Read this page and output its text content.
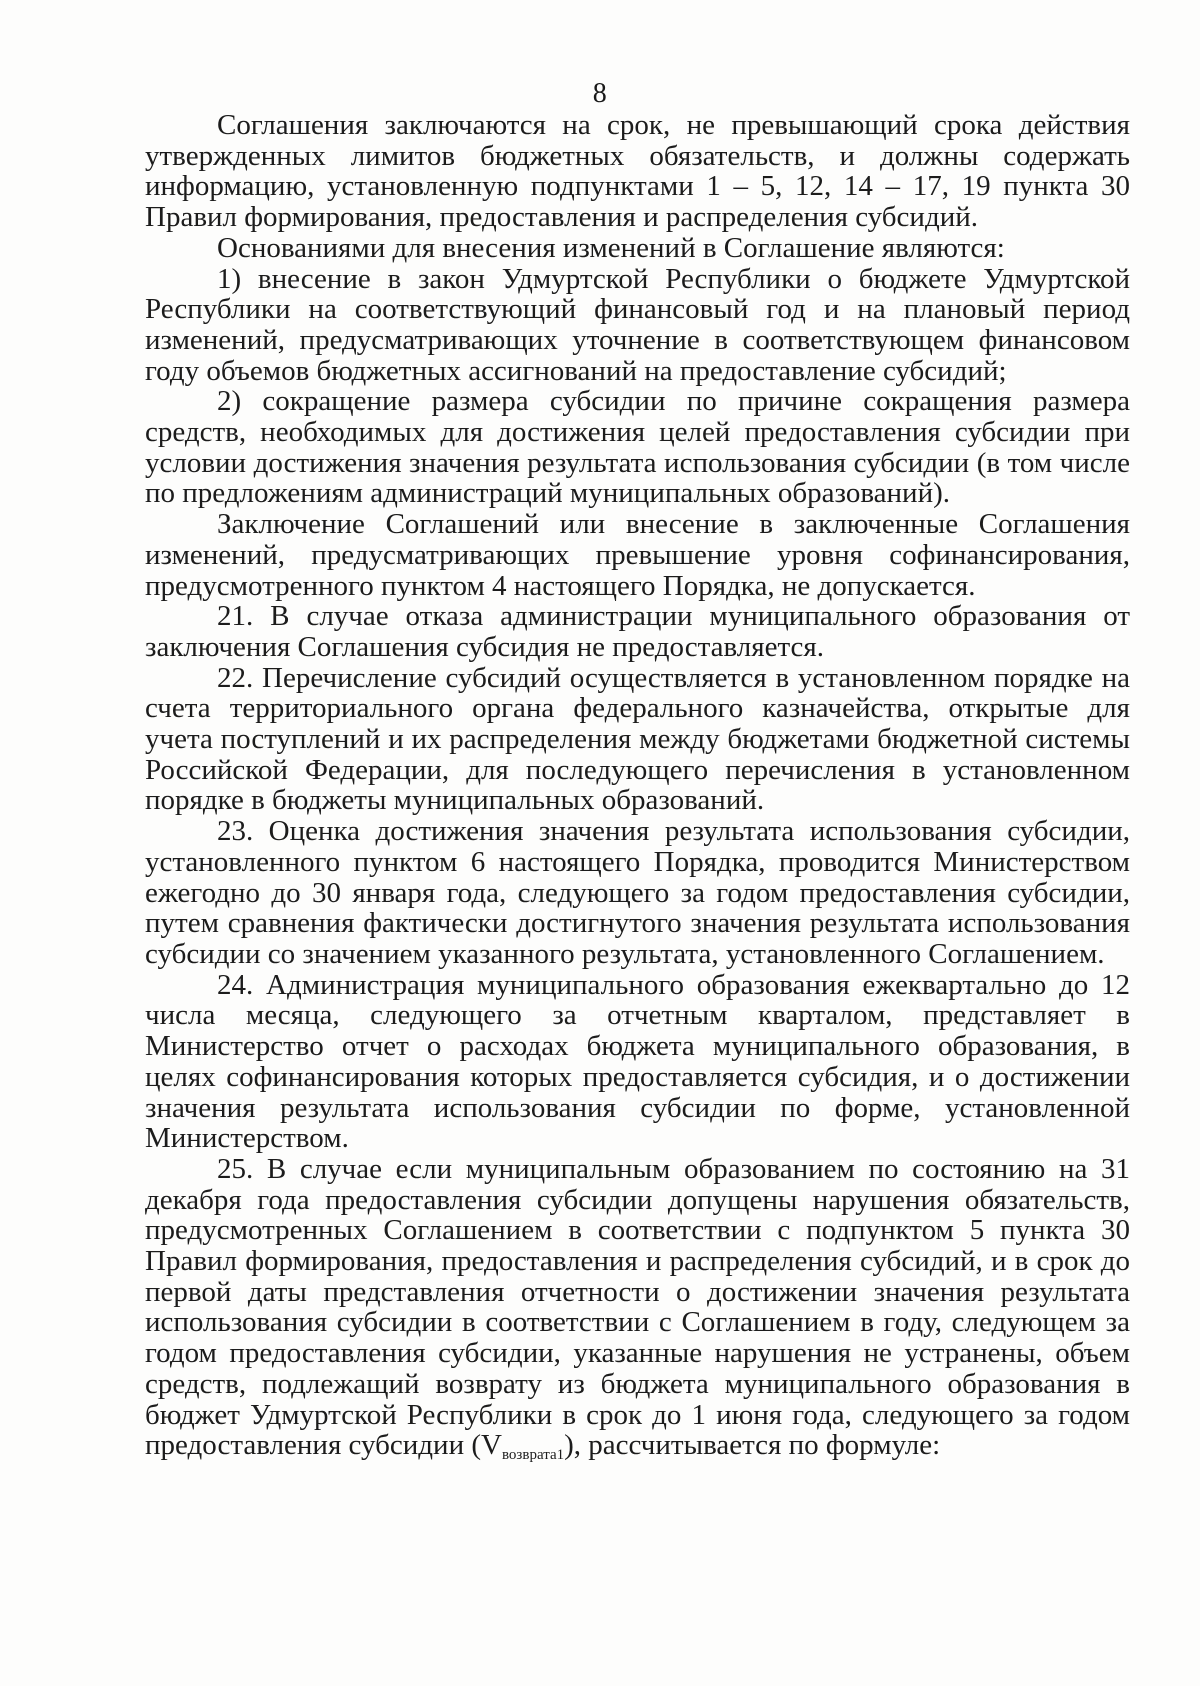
8

Соглашения заключаются на срок, не превышающий срока действия утвержденных лимитов бюджетных обязательств, и должны содержать информацию, установленную подпунктами 1 – 5, 12, 14 – 17, 19 пункта 30 Правил формирования, предоставления и распределения субсидий.

Основаниями для внесения изменений в Соглашение являются:

1) внесение в закон Удмуртской Республики о бюджете Удмуртской Республики на соответствующий финансовый год и на плановый период изменений, предусматривающих уточнение в соответствующем финансовом году объемов бюджетных ассигнований на предоставление субсидий;

2) сокращение размера субсидии по причине сокращения размера средств, необходимых для достижения целей предоставления субсидии при условии достижения значения результата использования субсидии (в том числе по предложениям администраций муниципальных образований).

Заключение Соглашений или внесение в заключенные Соглашения изменений, предусматривающих превышение уровня софинансирования, предусмотренного пунктом 4 настоящего Порядка, не допускается.

21. В случае отказа администрации муниципального образования от заключения Соглашения субсидия не предоставляется.

22. Перечисление субсидий осуществляется в установленном порядке на счета территориального органа федерального казначейства, открытые для учета поступлений и их распределения между бюджетами бюджетной системы Российской Федерации, для последующего перечисления в установленном порядке в бюджеты муниципальных образований.

23. Оценка достижения значения результата использования субсидии, установленного пунктом 6 настоящего Порядка, проводится Министерством ежегодно до 30 января года, следующего за годом предоставления субсидии, путем сравнения фактически достигнутого значения результата использования субсидии со значением указанного результата, установленного Соглашением.

24. Администрация муниципального образования ежеквартально до 12 числа месяца, следующего за отчетным кварталом, представляет в Министерство отчет о расходах бюджета муниципального образования, в целях софинансирования которых предоставляется субсидия, и о достижении значения результата использования субсидии по форме, установленной Министерством.

25. В случае если муниципальным образованием по состоянию на 31 декабря года предоставления субсидии допущены нарушения обязательств, предусмотренных Соглашением в соответствии с подпунктом 5 пункта 30 Правил формирования, предоставления и распределения субсидий, и в срок до первой даты представления отчетности о достижении значения результата использования субсидии в соответствии с Соглашением в году, следующем за годом предоставления субсидии, указанные нарушения не устранены, объем средств, подлежащий возврату из бюджета муниципального образования в бюджет Удмуртской Республики в срок до 1 июня года, следующего за годом предоставления субсидии $(V_{возврата1})$, рассчитывается по формуле:
